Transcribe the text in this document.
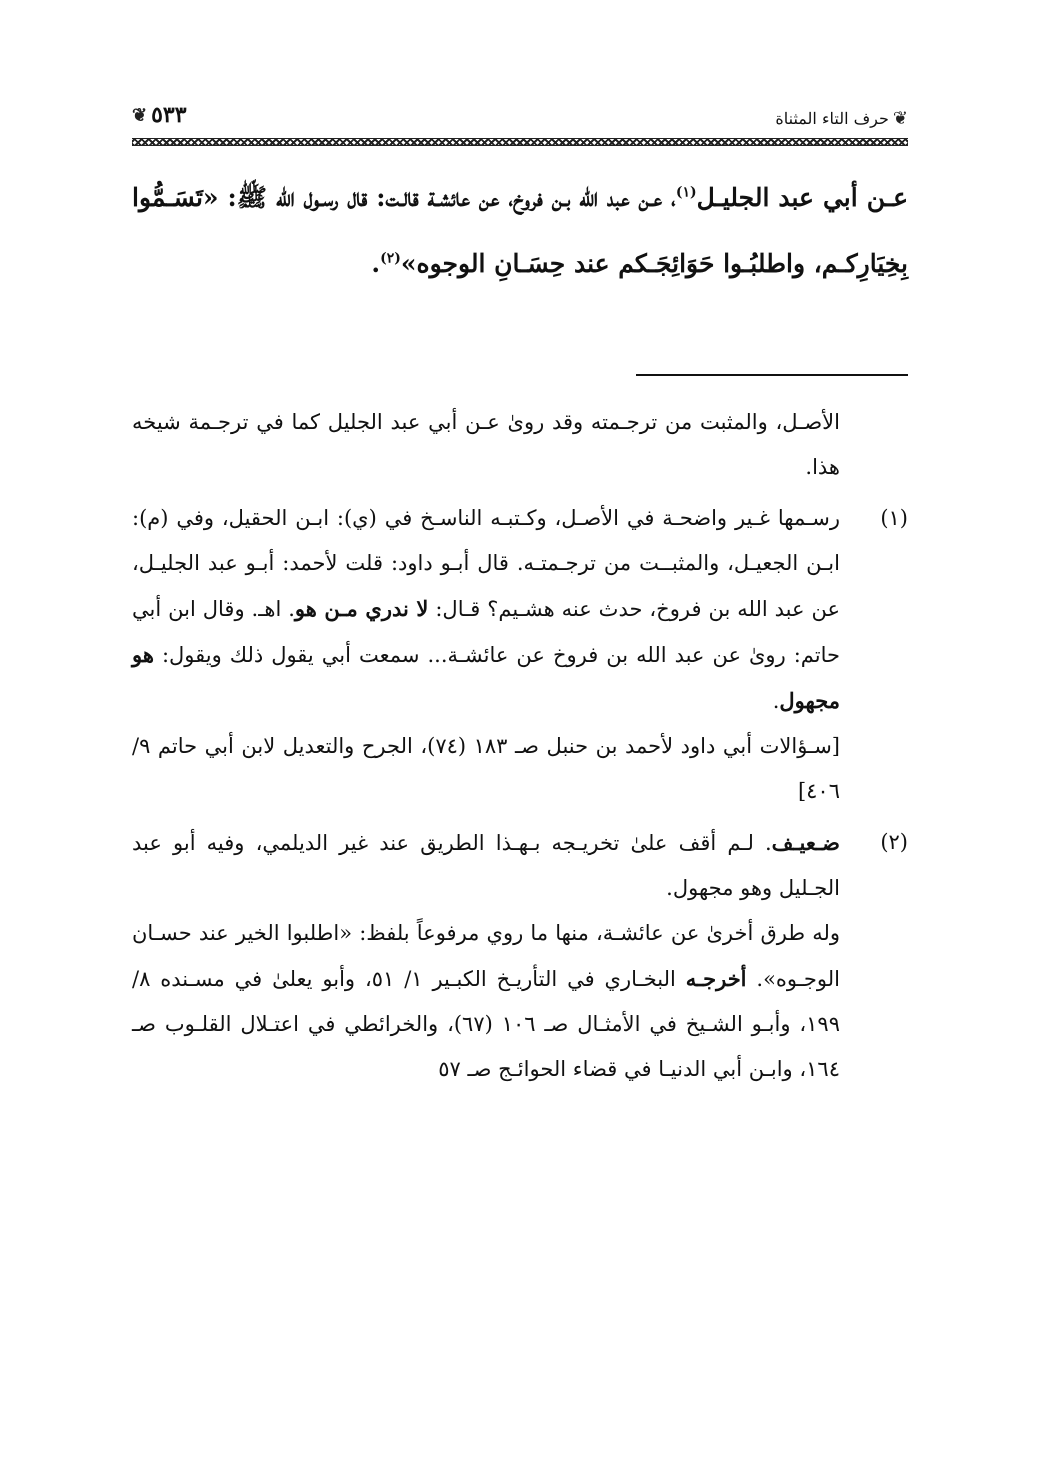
❦
حرف التاء المثناة
٥٣٣
❦

عـن أبي عبد الجليـل$^{(١)}$، عـن عبد الله بـن فروخ، عن عائشـة قالـت: قال رسـول الله ﷺ: «تَسَـمُّوا بِخِيَارِكـم، واطلبُـوا حَوَائِجَـكم عند حِسَـانِ الوجوه»$^{(٢)}$.

الأصـل، والمثبت من ترجـمته وقد روىٰ عـن أبي عبد الجليل كما في ترجـمة شيخه هذا.

(١)

رسـمها غـير واضحـة في الأصـل، وكـتبـه الناسـخ في (ي): ابـن الحقيل، وفي (م): ابـن الجعيـل، والمثبــت من ترجـمتـه. قال أبـو داود: قلت لأحمد: أبـو عبد الجليـل، عن عبد الله بن فروخ، حدث عنه هشـيم؟ قـال: لا ندري مـن هو. اهـ. وقال ابن أبي حاتم: روىٰ عن عبد الله بن فروخ عن عائشـة... سمعت أبي يقول ذلك ويقول: هو مجهول.

[سـؤالات أبي داود لأحمد بن حنبل صـ ١٨٣ (٧٤)، الجرح والتعديل لابن أبي حاتم ٩/ ٤٠٦]

(٢)

ضـعيـف. لـم أقف علىٰ تخريـجه بـهـذا الطريق عند غير الديلمي، وفيه أبو عبد الجـليل وهو مجهول.

وله طرق أخرىٰ عن عائشـة، منها ما روي مرفوعاً بلفظ: «اطلبوا الخير عند حسـان الوجـوه». أخرجـه البخـاري في التأريـخ الكبـير ١/ ٥١، وأبو يعلىٰ في مسـنده ٨/ ١٩٩، وأبـو الشـيخ في الأمثـال صـ ١٠٦ (٦٧)، والخرائطي في اعتـلال القلـوب صـ ١٦٤، وابـن أبي الدنيـا في قضاء الحوائـج صـ ٥٧
